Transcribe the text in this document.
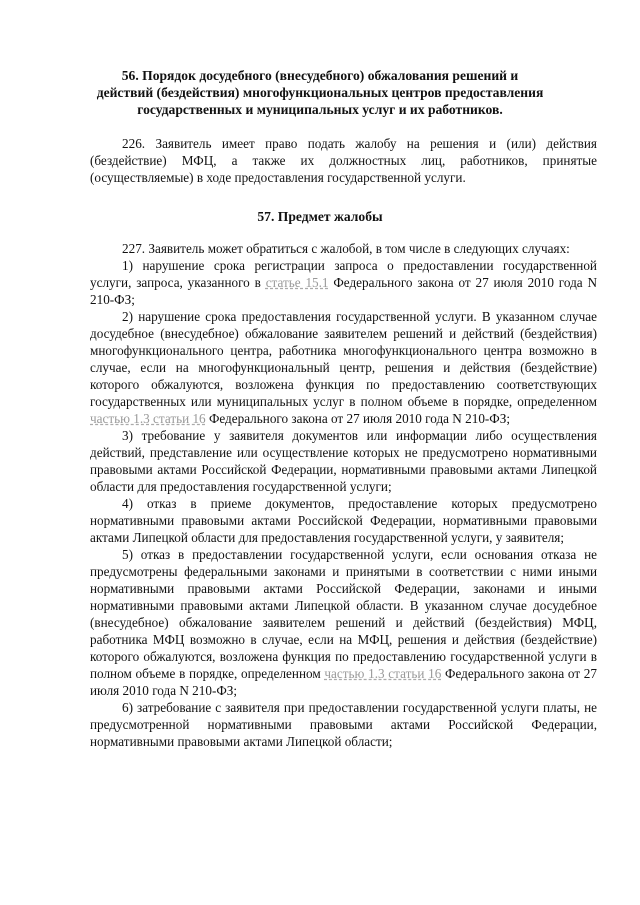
56. Порядок досудебного (внесудебного) обжалования решений и
действий (бездействия) многофункциональных центров предоставления
государственных и муниципальных услуг и их работников.

226. Заявитель имеет право подать жалобу на решения и (или) действия (бездействие) МФЦ, а также их должностных лиц, работников, принятые (осуществляемые) в ходе предоставления государственной услуги.

57. Предмет жалобы

227. Заявитель может обратиться с жалобой, в том числе в следующих случаях:

1) нарушение срока регистрации запроса о предоставлении государственной услуги, запроса, указанного в статье 15.1 Федерального закона от 27 июля 2010 года N 210-ФЗ;

2) нарушение срока предоставления государственной услуги. В указанном случае досудебное (внесудебное) обжалование заявителем решений и действий (бездействия) многофункционального центра, работника многофункционального центра возможно в случае, если на многофункциональный центр, решения и действия (бездействие) которого обжалуются, возложена функция по предоставлению соответствующих государственных или муниципальных услуг в полном объеме в порядке, определенном частью 1.3 статьи 16 Федерального закона от 27 июля 2010 года N 210-ФЗ;

3) требование у заявителя документов или информации либо осуществления действий, представление или осуществление которых не предусмотрено нормативными правовыми актами Российской Федерации, нормативными правовыми актами Липецкой области для предоставления государственной услуги;

4) отказ в приеме документов, предоставление которых предусмотрено нормативными правовыми актами Российской Федерации, нормативными правовыми актами Липецкой области для предоставления государственной услуги, у заявителя;

5) отказ в предоставлении государственной услуги, если основания отказа не предусмотрены федеральными законами и принятыми в соответствии с ними иными нормативными правовыми актами Российской Федерации, законами и иными нормативными правовыми актами Липецкой области. В указанном случае досудебное (внесудебное) обжалование заявителем решений и действий (бездействия) МФЦ, работника МФЦ возможно в случае, если на МФЦ, решения и действия (бездействие) которого обжалуются, возложена функция по предоставлению государственной услуги в полном объеме в порядке, определенном частью 1.3 статьи 16 Федерального закона от 27 июля 2010 года N 210-ФЗ;

6) затребование с заявителя при предоставлении государственной услуги платы, не предусмотренной нормативными правовыми актами Российской Федерации, нормативными правовыми актами Липецкой области;
